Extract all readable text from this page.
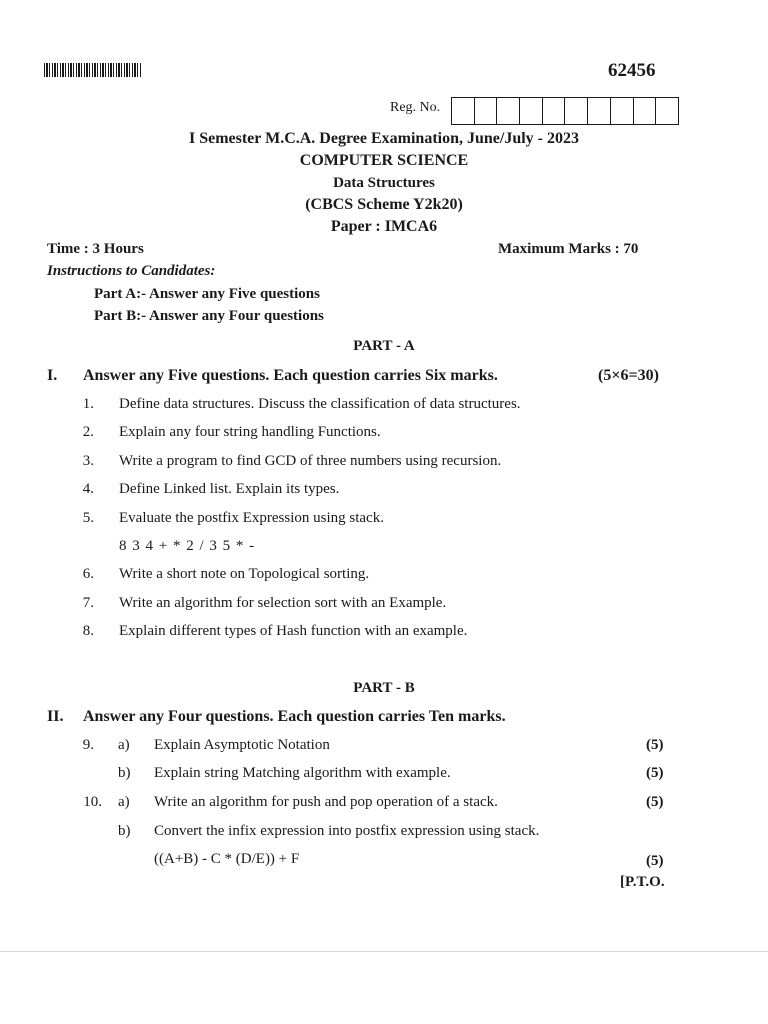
62456
Reg. No.
I Semester M.C.A. Degree Examination, June/July - 2023
COMPUTER SCIENCE
Data Structures
(CBCS Scheme Y2k20)
Paper : IMCA6
Time : 3 Hours	Maximum Marks : 70
Instructions to Candidates:
Part A:- Answer any Five questions
Part B:- Answer any Four questions
PART - A
I. Answer any Five questions. Each question carries Six marks.	(5×6=30)
1. Define data structures. Discuss the classification of data structures.
2. Explain any four string handling Functions.
3. Write a program to find GCD of three numbers using recursion.
4. Define Linked list. Explain its types.
5. Evaluate the postfix Expression using stack.
8 3 4 + * 2 / 3 5 * -
6. Write a short note on Topological sorting.
7. Write an algorithm for selection sort with an Example.
8. Explain different types of Hash function with an example.
PART - B
II. Answer any Four questions. Each question carries Ten marks.
9. a) Explain Asymptotic Notation	(5)
b) Explain string Matching algorithm with example.	(5)
10. a) Write an algorithm for push and pop operation of a stack.	(5)
b) Convert the infix expression into postfix expression using stack.
((A+B) - C * (D/E)) + F	(5)
[P.T.O.
